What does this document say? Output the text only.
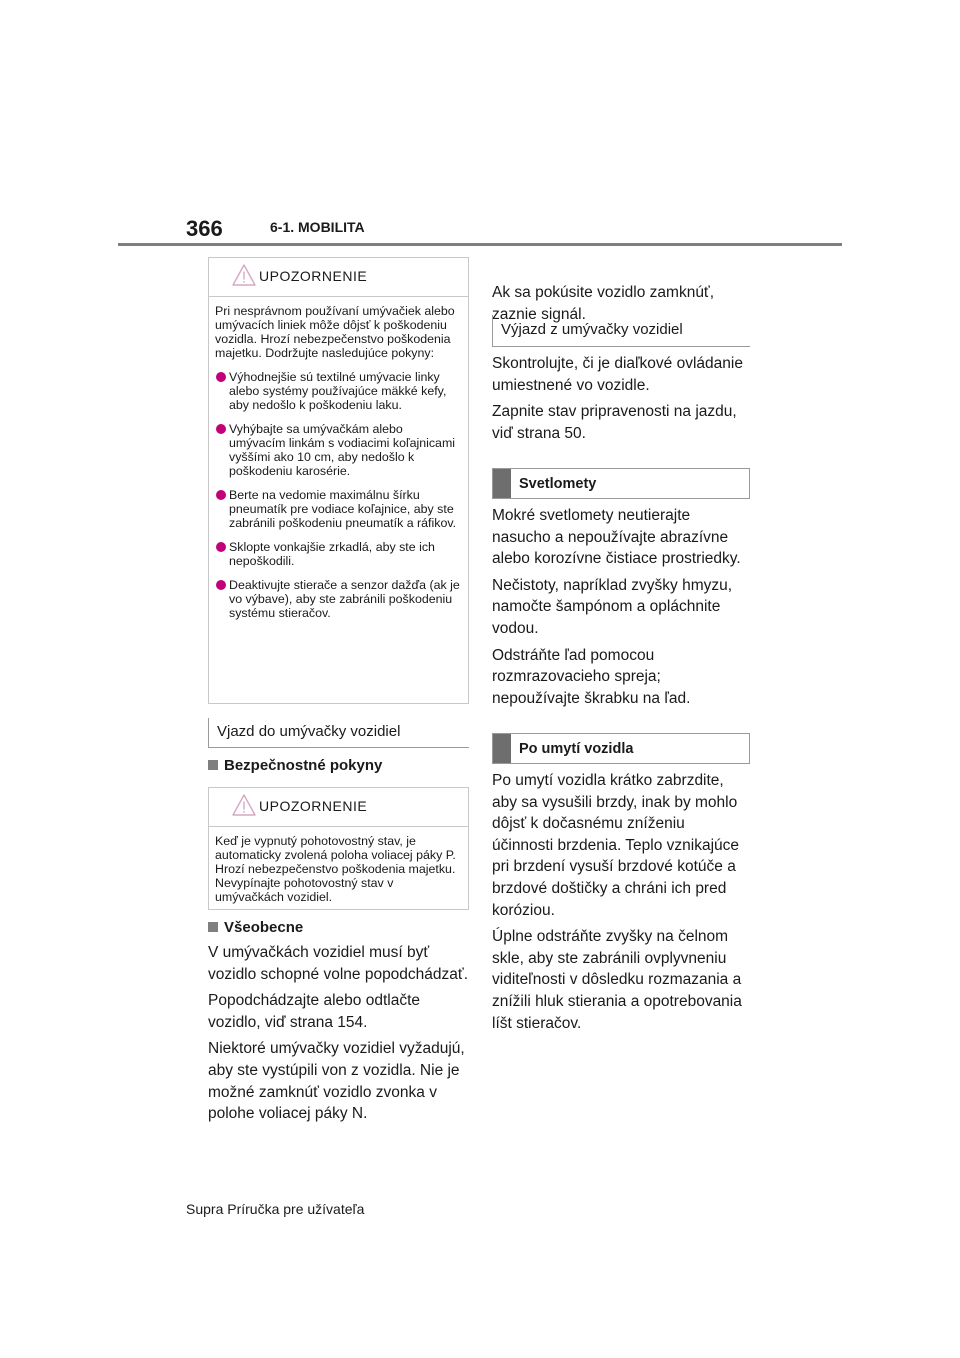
366	6-1. MOBILITA
UPOZORNENIE

Pri nesprávnom používaní umývačiek alebo umývacích liniek môže dôjsť k poškodeniu vozidla. Hrozí nebezpečenstvo poškodenia majetku. Dodržujte nasledujúce pokyny:

Výhodnejšie sú textilné umývacie linky alebo systémy používajúce mäkké kefy, aby nedošlo k poškodeniu laku.
Vyhýbajte sa umývačkám alebo umývacím linkám s vodiacimi koľajnicami vyššími ako 10 cm, aby nedošlo k poškodeniu karosérie.
Berte na vedomie maximálnu šírku pneumatík pre vodiace koľajnice, aby ste zabránili poškodeniu pneumatík a ráfikov.
Sklopte vonkajšie zrkadlá, aby ste ich nepoškodili.
Deaktivujte stierače a senzor dažďa (ak je vo výbave), aby ste zabránili poškodeniu systému stieračov.
Vjazd do umývačky vozidiel
Bezpečnostné pokyny
UPOZORNENIE

Keď je vypnutý pohotovostný stav, je automaticky zvolená poloha voliacej páky P. Hrozí nebezpečenstvo poškodenia majetku. Nevypínajte pohotovostný stav v umývačkách vozidiel.

Všeobecne

V umývačkách vozidiel musí byť vozidlo schopné volne popodchádzať.

Popodchádzajte alebo odtlačte vozidlo, viď strana 154.

Niektoré umývačky vozidiel vyžadujú, aby ste vystúpili von z vozidla. Nie je možné zamknúť vozidlo zvonka v polohe voliacej páky N.

Ak sa pokúsite vozidlo zamknúť, zaznie signál.

Výjazd z umývačky vozidiel

Skontrolujte, či je diaľkové ovládanie umiestnené vo vozidle.

Zapnite stav pripravenosti na jazdu, viď strana 50.

Svetlomety

Mokré svetlomety neutierajte nasucho a nepoužívajte abrazívne alebo korozívne čistiace prostriedky.

Nečistoty, napríklad zvyšky hmyzu, namočte šampónom a opláchnite vodou.

Odstráňte ľad pomocou rozmrazovacieho spreja; nepoužívajte škrabku na ľad.

Po umytí vozidla

Po umytí vozidla krátko zabrzdite, aby sa vysušili brzdy, inak by mohlo dôjsť k dočasnému zníženiu účinnosti brzdenia. Teplo vznikajúce pri brzdení vysuší brzdové kotúče a brzdové doštičky a chráni ich pred koróziou.

Úplne odstráňte zvyšky na čelnom skle, aby ste zabránili ovplyvneniu viditeľnosti v dôsledku rozmazania a znížili hluk stierania a opotrebovania líšt stieračov.

Supra Príručka pre užívateľa
